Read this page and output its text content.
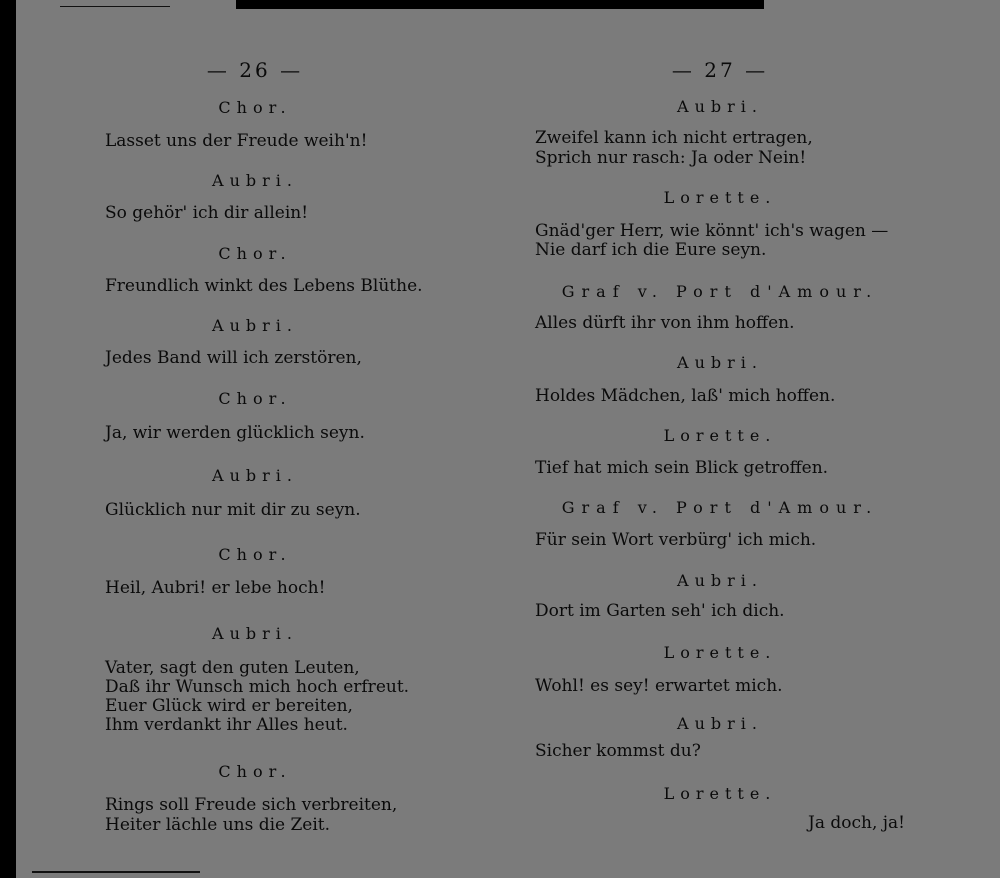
— 26 —
Chor.
Lasset uns der Freude weih'n!
Aubri.
So gehör' ich dir allein!
Chor.
Freundlich winkt des Lebens Blüthe.
Aubri.
Jedes Band will ich zerstören,
Chor.
Ja, wir werden glücklich seyn.
Aubri.
Glücklich nur mit dir zu seyn.
Chor.
Heil, Aubri! er lebe hoch!
Aubri.
Vater, sagt den guten Leuten,
Daß ihr Wunsch mich hoch erfreut.
Euer Glück wird er bereiten,
Ihm verdankt ihr Alles heut.
Chor.
Rings soll Freude sich verbreiten,
Heiter lächle uns die Zeit.
— 27 —
Aubri.
Zweifel kann ich nicht ertragen,
Sprich nur rasch: Ja oder Nein!
Lorette.
Gnäd'ger Herr, wie könnt' ich's wagen —
Nie darf ich die Eure seyn.
Graf v. Port d'Amour.
Alles dürft ihr von ihm hoffen.
Aubri.
Holdes Mädchen, laß' mich hoffen.
Lorette.
Tief hat mich sein Blick getroffen.
Graf v. Port d'Amour.
Für sein Wort verbürg' ich mich.
Aubri.
Dort im Garten seh' ich dich.
Lorette.
Wohl! es sey! erwartet mich.
Aubri.
Sicher kommst du?
Lorette.
Ja doch, ja!
